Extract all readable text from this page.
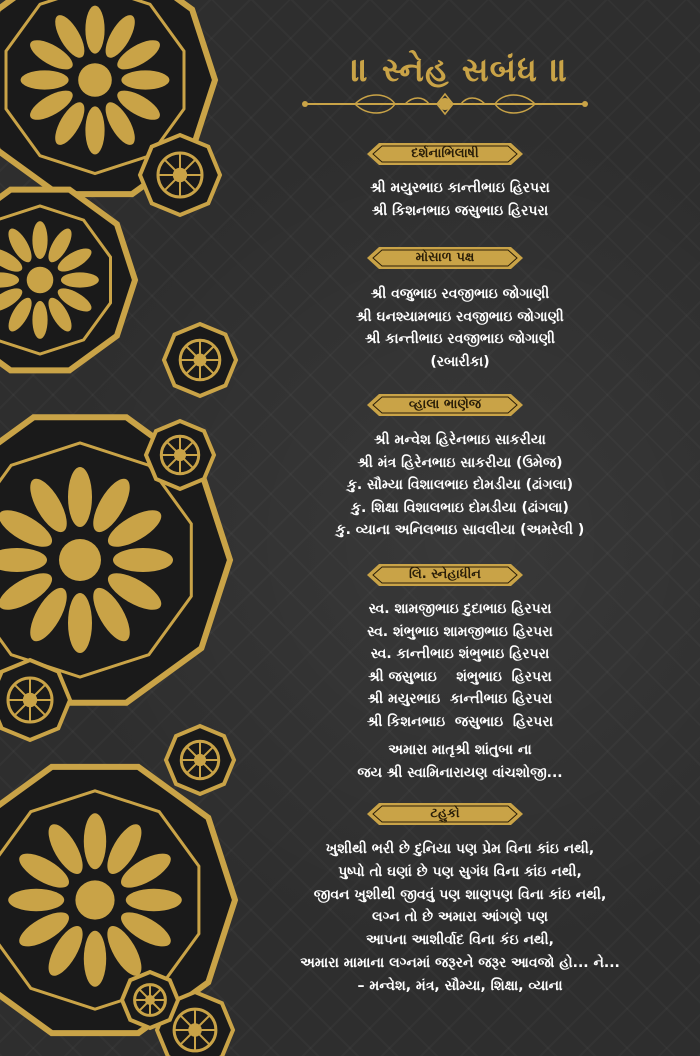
॥ સ્નેહ સબંધ ॥
દર્શનાભિલાષી
શ્રી મયુરભાઇ કાન્તીભાઇ હિરપરા
શ્રી કિશનભાઇ જસુભાઇ હિરપરા
મોસાળ પક્ષ
શ્રી વજુભાઇ રવજીભાઇ જોગાણી
શ્રી ઘનશ્યામભાઇ રવજીભાઇ જોગાણી
શ્રી કાન્તીભાઇ રવજીભાઇ જોગાણી
(રબારીકા)
વ્હાલા ભાણેજ
શ્રી મન્વેશ હિરેનભાઇ સાકરીયા
શ્રી મંત્ર હિરેનભાઇ સાકરીયા (ઉમેજ)
કુ. સૌમ્યા વિશાલભાઇ દોમડીયા (ઢાંગલા)
કુ. શિક્ષા વિશાલભાઇ દોમડીયા (ઢાંગલા)
કુ. વ્યાના અનિલભાઇ સાવલીયા (અમરેલી )
લિ. સ્નેહાધીન
સ્વ. શામજીભાઇ દુદાભાઇ હિરપરા
સ્વ. શંભુભાઇ શામજીભાઇ હિરપરા
સ્વ. કાન્તીભાઇ શંભુભાઇ હિરપરા
શ્રી જસુભાઇ    શંભુભાઇ  હિરપરા
શ્રી મયુરભાઇ  કાન્તીભાઇ હિરપરા
શ્રી કિશનભાઇ  જસુભાઇ  હિરપરા
અમારા માતૃશ્રી શાંતુબા ના
જય શ્રી સ્વામિનારાયણ વાંચશોજી...
ટહુકો
ખુશીથી ભરી છે દુનિયા પણ પ્રેમ વિના કાંઇ નથી,
પુષ્પો તો ઘણાં છે પણ સુગંધ વિના કાંઇ નથી,
જીવન ખુશીથી જીવવું પણ શાણપણ વિના કાંઇ નથી,
લગ્ન તો છે અમારા આંગણે પણ
આપના આશીર્વાદ વિના કંઇ નથી,
અમારા મામાના લગ્નમાં જરૂરને જરૂર આવજો હો... ને...
– મન્વેશ, મંત્ર, સૌમ્યા, શિક્ષા, વ્યાના
